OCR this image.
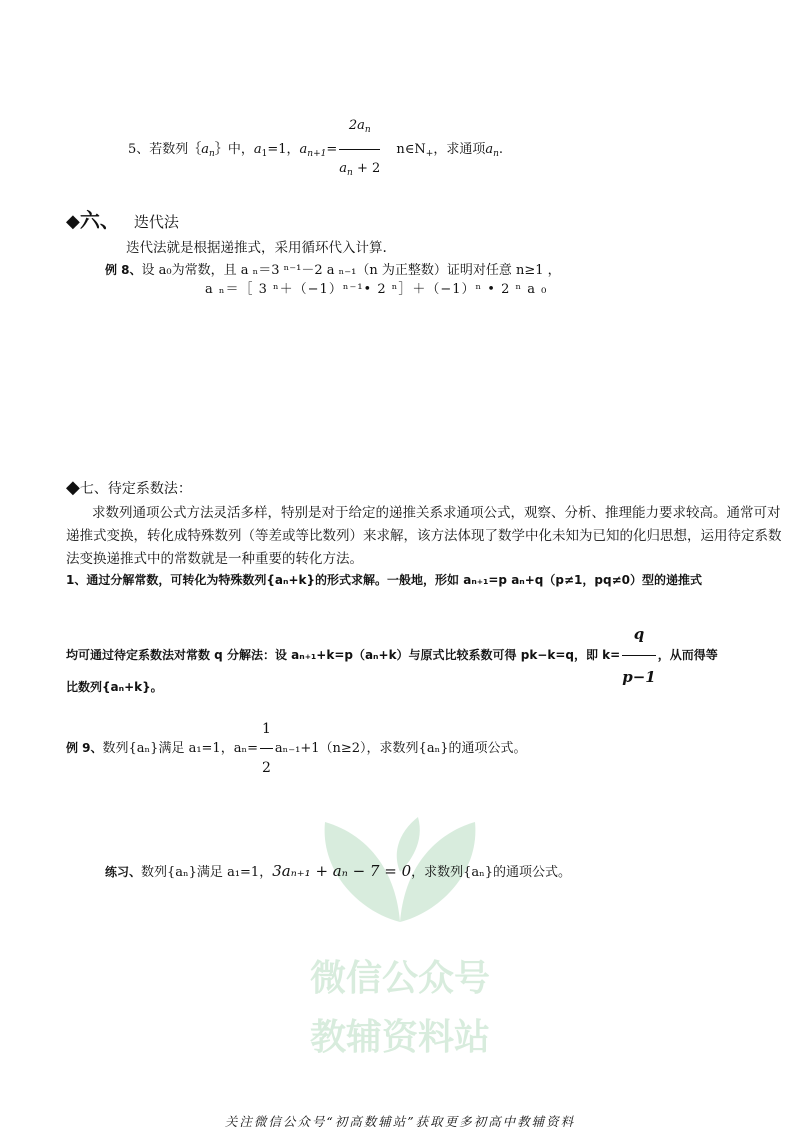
5、若数列$\{a_n\}$中，$a_1=1$，$a_{n+1}= \frac{2a_n}{a_n + 2}$ $n\in N_+$，求通项$a_n$.
◆六、 迭代法
迭代法就是根据递推式，采用循环代入计算.
例 8、设 a₀为常数，且 a ₙ＝3 ⁿ⁻¹－2 a ₙ₋₁（n 为正整数）证明对任意 n≥1 ，
a ₙ＝［ 3 ⁿ＋（−1）ⁿ⁻¹• 2 ⁿ］＋（−1）ⁿ • 2 ⁿ a ₀
◆七、待定系数法：
求数列通项公式方法灵活多样，特别是对于给定的递推关系求通项公式，观察、分析、推理能力要求较高。通常可对递推式变换，转化成特殊数列（等差或等比数列）来求解，该方法体现了数学中化未知为已知的化归思想，运用待定系数法变换递推式中的常数就是一种重要的转化方法。
1、通过分解常数，可转化为特殊数列{aₙ+k}的形式求解。一般地，形如 aₙ₊₁=p aₙ+q（p≠1，pq≠0）型的递推式
均可通过待定系数法对常数 q 分解法：设 aₙ₊₁+k=p（aₙ+k）与原式比较系数可得 pk−k=q，即 $k= \frac{q}{p-1}$ ，从而得等
比数列{aₙ+k}。
例 9、数列{aₙ}满足 a₁=1，$a_n= \frac{1}{2} a_{n-1}+1(n\ge 2)$，求数列{aₙ}的通项公式。
微信公众号
教辅资料站
练习、数列{aₙ}满足 a₁=1，3aₙ₊₁ + aₙ − 7 = 0，求数列{aₙ}的通项公式。
关注微信公众号“初高数辅站”获取更多初高中教辅资料
